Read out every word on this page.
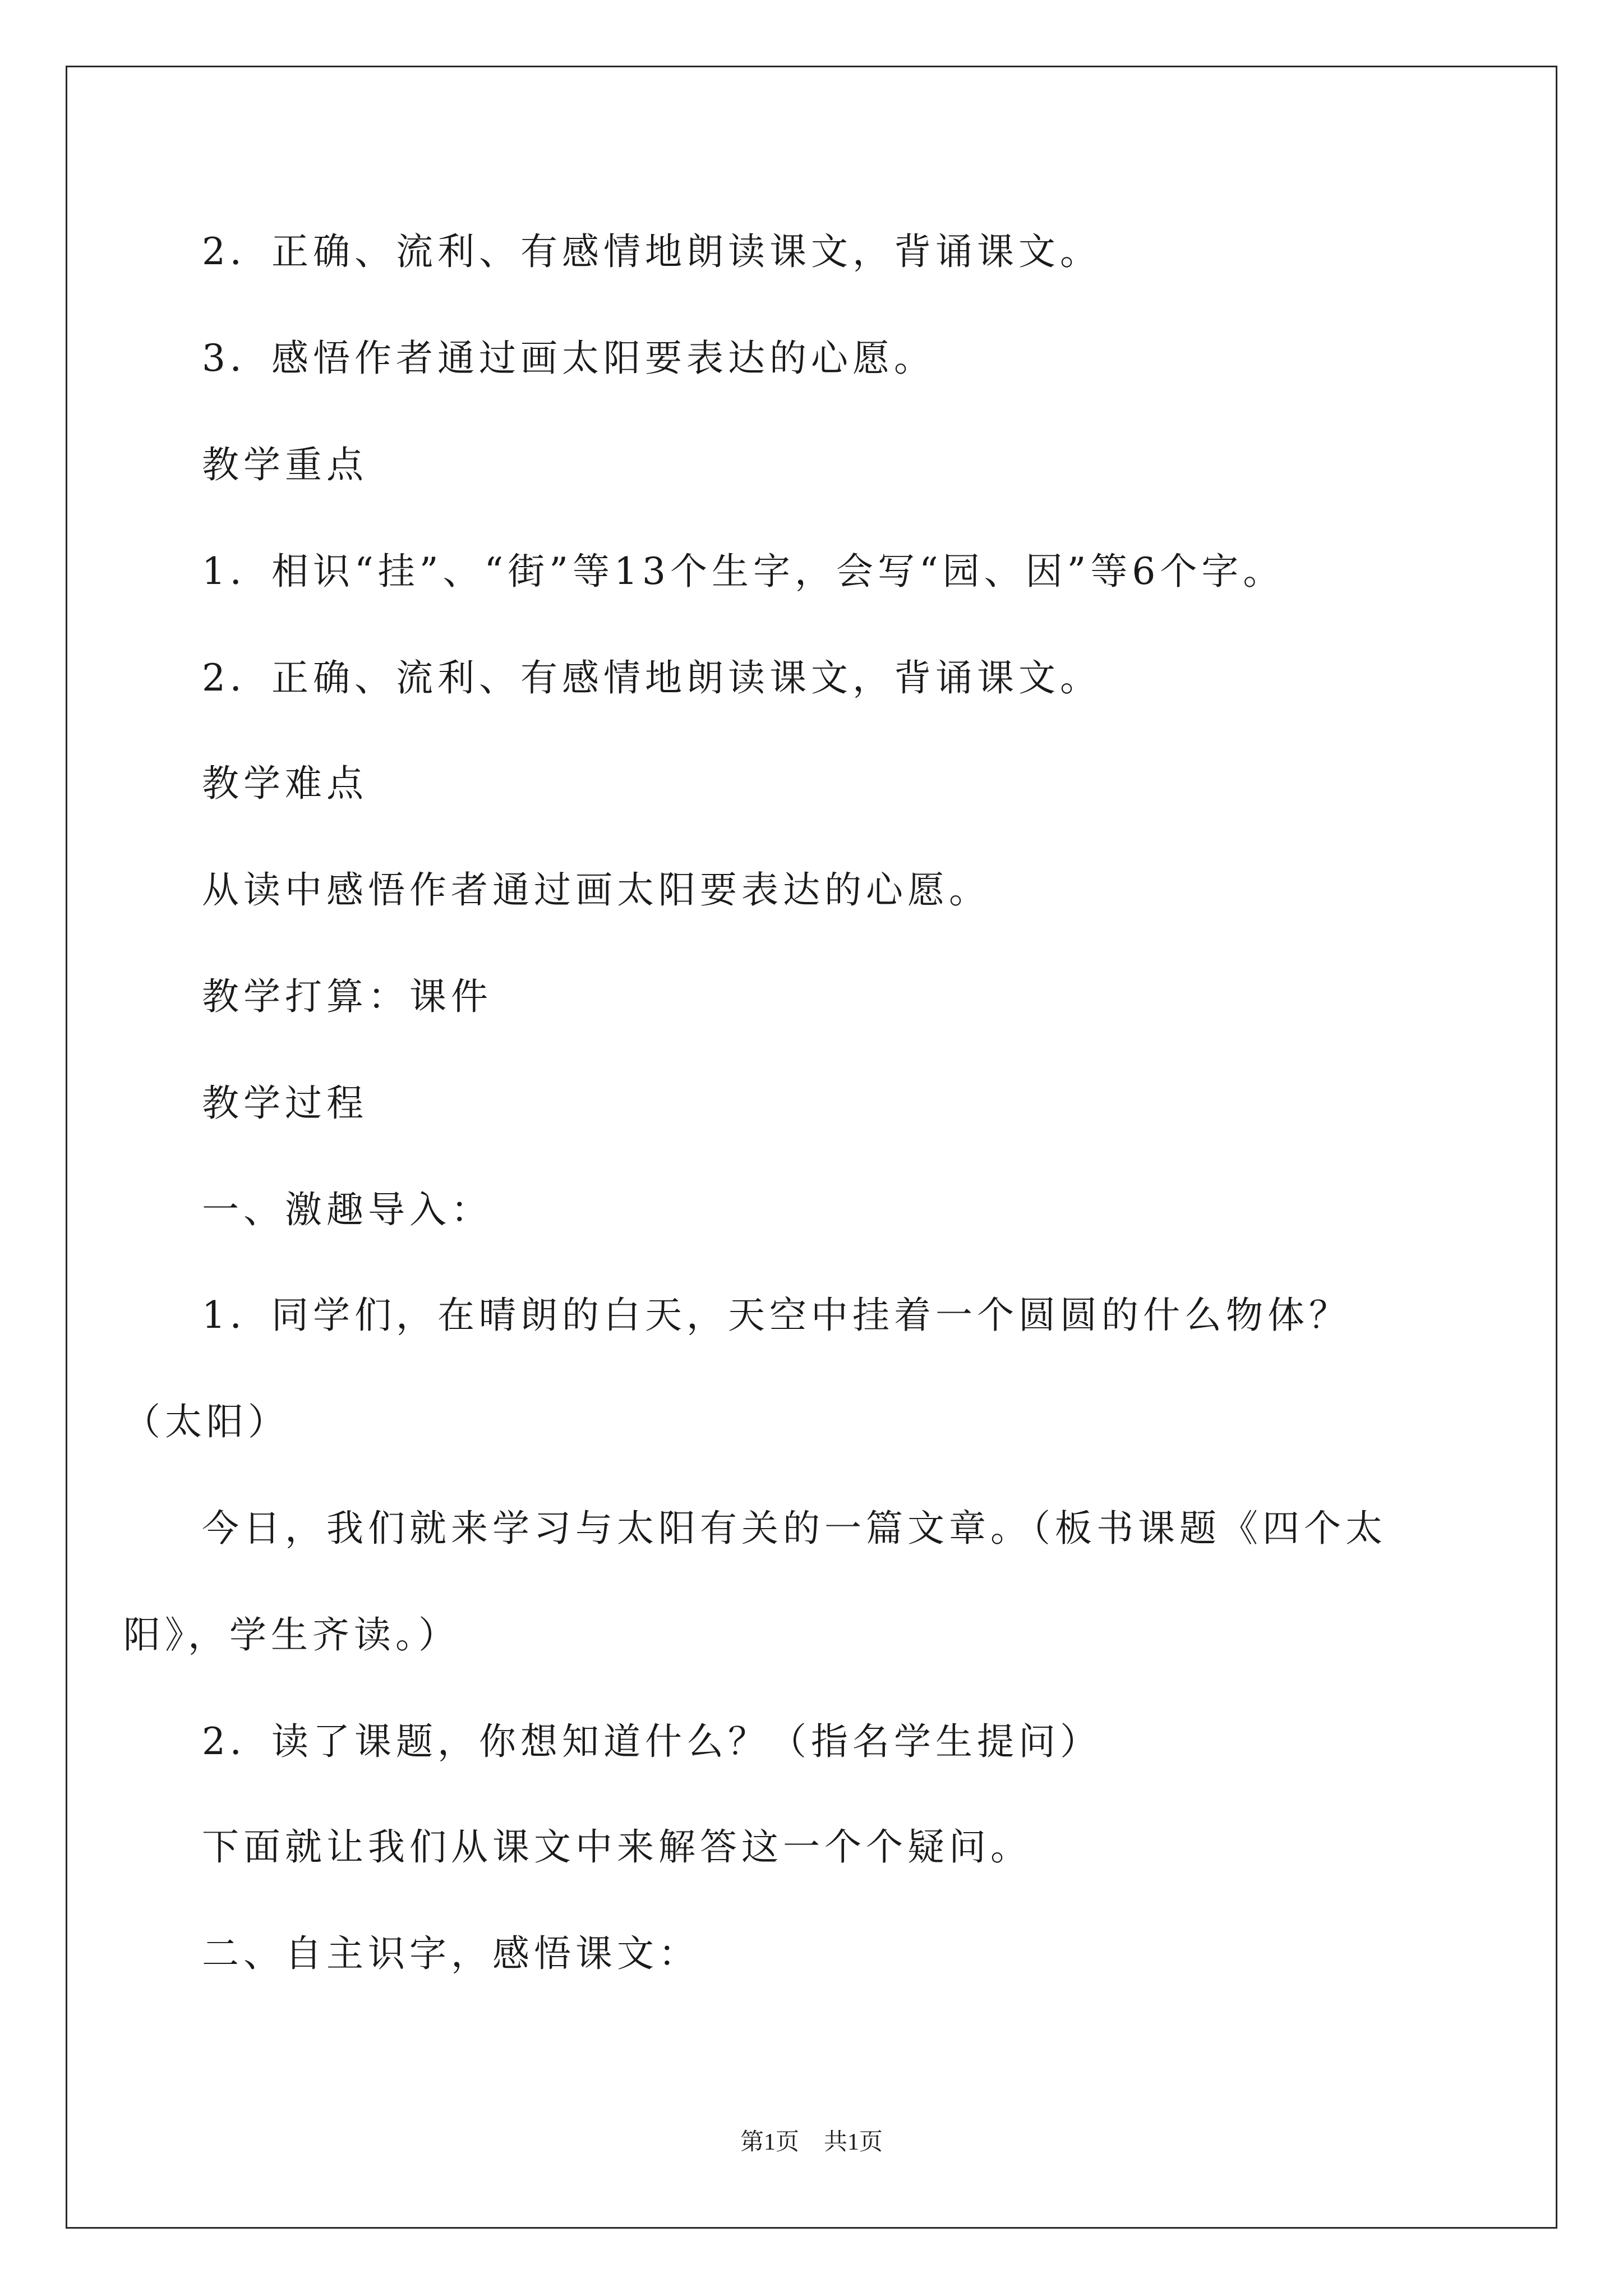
2．正确、流利、有感情地朗读课文，背诵课文。
3．感悟作者通过画太阳要表达的心愿。
教学重点
1．相识“挂”、“街”等13个生字，会写“园、因”等6个字。
2．正确、流利、有感情地朗读课文，背诵课文。
教学难点
从读中感悟作者通过画太阳要表达的心愿。
教学打算：课件
教学过程
一、激趣导入：
1．同学们，在晴朗的白天，天空中挂着一个圆圆的什么物体？
（太阳）
今日，我们就来学习与太阳有关的一篇文章。（板书课题《四个太
阳》，学生齐读。）
2．读了课题，你想知道什么？（指名学生提问）
下面就让我们从课文中来解答这一个个疑问。
二、自主识字，感悟课文：
第1页 共1页
